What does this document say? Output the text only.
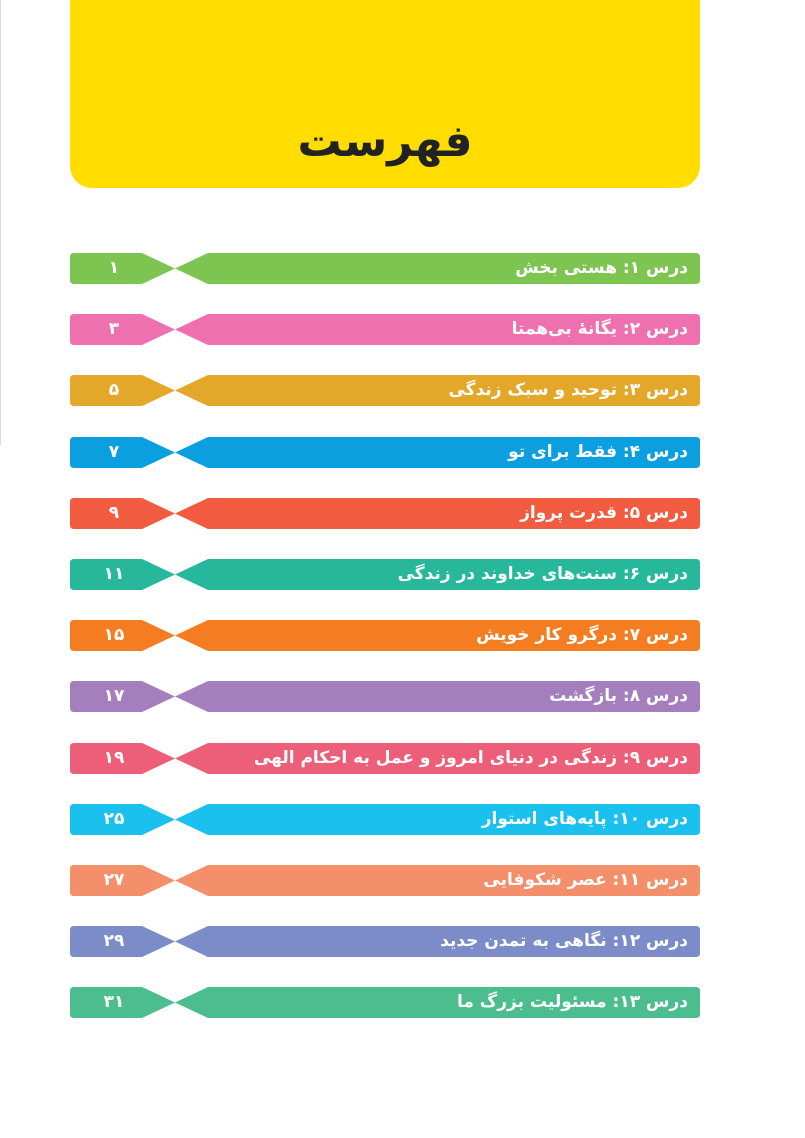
فهرست
۱	درس ۱: هستی بخش
۳	درس ۲: یگانهٔ بی‌همتا
۵	درس ۳: توحید و سبک زندگی
۷	درس ۴: فقط برای تو
۹	درس ۵: قدرت پرواز
۱۱	درس ۶: سنت‌های خداوند در زندگی
۱۵	درس ۷: درگرو کار خویش
۱۷	درس ۸: بازگشت
۱۹	درس ۹: زندگی در دنیای امروز و عمل به احکام الهی
۲۵	درس ۱۰: پایه‌های استوار
۲۷	درس ۱۱: عصر شکوفایی
۲۹	درس ۱۲: نگاهی به تمدن جدید
۳۱	درس ۱۳: مسئولیت بزرگ ما
